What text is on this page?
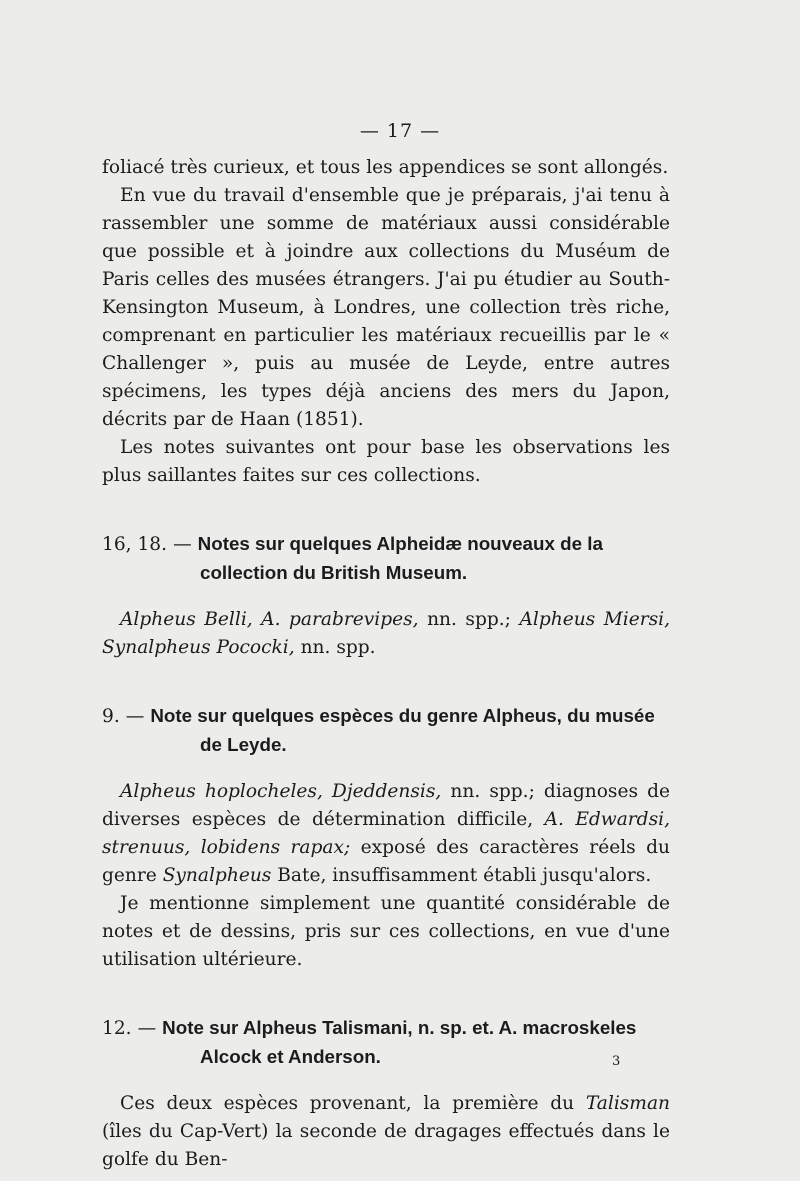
— 17 —

foliacé très curieux, et tous les appendices se sont allongés.

En vue du travail d'ensemble que je préparais, j'ai tenu à rassembler une somme de matériaux aussi considérable que possible et à joindre aux collections du Muséum de Paris celles des musées étrangers. J'ai pu étudier au South-Kensington Museum, à Londres, une collection très riche, comprenant en particulier les matériaux recueillis par le « Challenger », puis au musée de Leyde, entre autres spécimens, les types déjà anciens des mers du Japon, décrits par de Haan (1851).

Les notes suivantes ont pour base les observations les plus saillantes faites sur ces collections.

16, 18. — Notes sur quelques Alpheidæ nouveaux de la collection du British Museum.

Alpheus Belli, A. parabrevipes, nn. spp.; Alpheus Miersi, Synalpheus Pococki, nn. spp.

9. — Note sur quelques espèces du genre Alpheus, du musée de Leyde.

Alpheus hoplocheles, Djeddensis, nn. spp.; diagnoses de diverses espèces de détermination difficile, A. Edwardsi, strenuus, lobidens rapax; exposé des caractères réels du genre Synalpheus Bate, insuffisamment établi jusqu'alors.

Je mentionne simplement une quantité considérable de notes et de dessins, pris sur ces collections, en vue d'une utilisation ultérieure.

12. — Note sur Alpheus Talismani, n. sp. et. A. macroskeles Alcock et Anderson.

Ces deux espèces provenant, la première du Talisman (îles du Cap-Vert) la seconde de dragages effectués dans le golfe du Ben-

3
